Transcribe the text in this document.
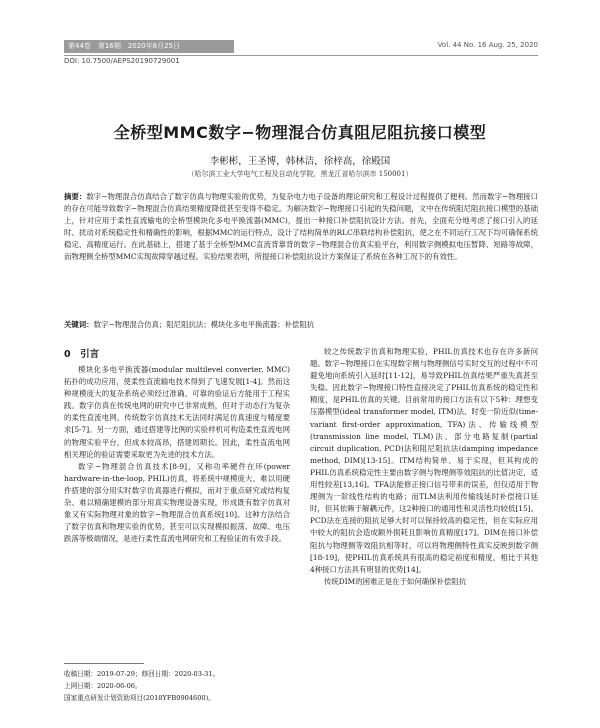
第44卷　第16期　2020年8月25日	Vol. 44 No. 16 Aug. 25, 2020
DOI: 10.7500/AEPS20190729001
全桥型MMC数字−物理混合仿真阻尼阻抗接口模型
李彬彬，王圣博，韩林洁，徐梓高，徐殿国
（哈尔滨工业大学电气工程及自动化学院，黑龙江省哈尔滨市 150001）
摘要：数字−物理混合仿真结合了数字仿真与物理实验的优势，为复杂电力电子设备的理论研究和工程设计过程提供了便利。然而数字−物理接口的存在可能导致数字−物理混合仿真结果精度降低甚至变得不稳定。为解决数字−物理接口引起的失稳问题，文中在传统阻尼阻抗接口模型的基础上，针对应用于柔性直流输电的全桥型模块化多电平换流器(MMC)，提出一种接口补偿阻抗设计方法。首先，全面充分地考虑了接口引入的延时、扰动对系统稳定性和精确性的影响，根据MMC的运行特点，设计了结构简单的RLC串联结构补偿阻抗，使之在不同运行工况下均可确保系统稳定、高精度运行。在此基础上，搭建了基于全桥型MMC直流背靠背的数字−物理混合仿真实验平台，利用数字侧模拟电压暂降、短路等故障，而物理侧全桥型MMC实现故障穿越过程。实验结果表明，所提接口补偿阻抗设计方案保证了系统在各种工况下的有效性。
关键词：数字−物理混合仿真；阻尼阻抗法；模块化多电平换流器；补偿阻抗
0　引言

模块化多电平换流器(modular multilevel converter, MMC)拓扑的成功应用，使柔性直流输电技术得到了飞速发展[1-4]。然而这种规模庞大的复杂系统必须经过准确、可靠的验证后方能用于工程实践。数字仿真在传统电网的研究中已非常成熟，但对于动态行为复杂的柔性直流电网，传统数字仿真技术无法同时满足仿真速度与精度要求[5-7]。另一方面，通过搭建等比例的实验样机可构造柔性直流电网的物理实验平台，但成本较高昂，搭建周期长。因此，柔性直流电网相关理论的验证需要采取更为先进的技术方法。

数字−物理混合仿真技术[8-9]，又称功率硬件在环(power hardware-in-the-loop, PHIL)仿真，将系统中规模庞大、难以用硬件搭建的部分用实时数字仿真器进行模拟，而对于重点研究或结构复杂、难以精确建模的部分用真实物理设备实现，形成既有数字仿真对象又有实际物理对象的数字−物理混合仿真系统[10]。这种方法结合了数字仿真和物理实验的优势，甚至可以实现模拟振荡、故障、电压跌落等极端情况，是进行柔性直流电网研究和工程验证的有效手段。

较之传统数字仿真和物理实验，PHIL仿真技术也存在许多新问题。数字−物理接口在实现数字侧与物理侧信号实时交互的过程中不可避免地向系统引入延时[11-12]，易导致PHIL仿真结果严重失真甚至失稳。因此数字−物理接口特性直接决定了PHIL仿真系统的稳定性和精度，是PHIL仿真的关键。目前常用的接口方法有以下5种：理想变压器模型(ideal transformer model, ITM)法、时变一阶近似(time-variant first-order approximation, TFA)法、传输线模型(transmission line model, TLM)法、部分电路复制(partial circuit duplication, PCD)法和阻尼阻抗法(damping impedance method, DIM)[13-15]。ITM结构简单、易于实现，但其构成的PHIL仿真系统稳定性主要由数字侧与物理侧等效阻抗的比值决定，适用性较差[13,16]。TFA法能修正接口信号带来的误差，但仅适用于物理侧为一阶线性结构的电路；而TLM法利用传输线延时补偿接口延时，但其依赖于解耦元件，这2种接口的通用性和灵活性均较低[15]。PCD法在连接的阻抗足够大时可以保持较高的稳定性，但在实际应用中较大的阻抗会造成额外损耗且影响仿真精度[17]。DIM在接口补偿阻抗与物理侧等效阻抗相等时，可以将物理侧特性真实反映到数字侧[18-19]，使PHIL仿真系统具有很高的稳定裕度和精度，相比于其他4种接口方法具有明显的优势[14]。

传统DIM的困难正是在于如何确保补偿阻抗

收稿日期：2019-07-29；修回日期：2020-03-31。
上网日期：2020-06-06。
国家重点研发计划资助项目(2018YFB0904600)。
